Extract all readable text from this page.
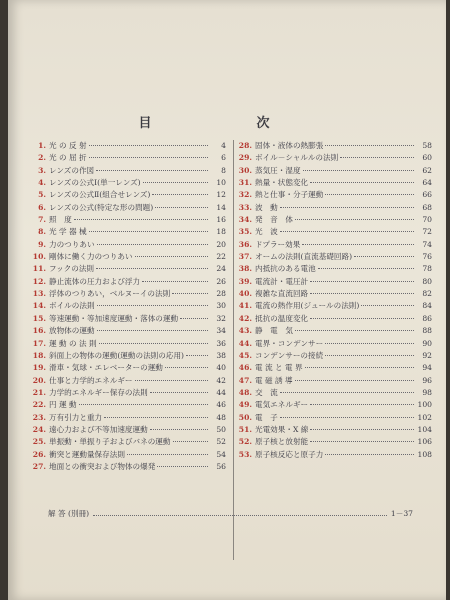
目　次
1. 光 の 反 射	4
2. 光 の 屈 折	6
3. レンズの作図	8
4. レンズの公式Ⅰ(単一レンズ)	10
5. レンズの公式Ⅱ(組合せレンズ)	12
6. レンズの公式(特定な形の問題)	14
7. 照　度	16
8. 光 学 器 械	18
9. 力のつりあい	20
10. 剛体に働く力のつりあい	22
11. フックの法則	24
12. 静止流体の圧力および浮力	26
13. 浮体のつりあい，ベルヌーイの法則	28
14. ボイルの法則	30
15. 等速運動・等加速度運動・落体の運動	32
16. 放物体の運動	34
17. 運 動 の 法 則	36
18. 斜面上の物体の運動(運動の法則の応用)	38
19. 滑車・気球・エレベーターの運動	40
20. 仕事と力学的エネルギー	42
21. 力学的エネルギー保存の法則	44
22. 円 運 動	46
23. 万有引力と重力	48
24. 遠心力および不等加速度運動	50
25. 単振動・単振り子およびバネの運動	52
26. 衝突と運動量保存法則	54
27. 地面との衝突および物体の爆発	56
28. 固体・液体の熱膨張	58
29. ボイル－シャルルの法則	60
30. 蒸気圧・湿度	62
31. 熱量・状態変化	64
32. 熱と仕事・分子運動	66
33. 波　動	68
34. 発　音　体	70
35. 光　波	72
36. ドプラー効果	74
37. オームの法則(直流基礎回路)	76
38. 内抵抗のある電池	78
39. 電流計・電圧計	80
40. 複雑な直流回路	82
41. 電流の熱作用(ジュールの法則)	84
42. 抵抗の温度変化	86
43. 静　電　気	88
44. 電界・コンデンサー	90
45. コンデンサーの接続	92
46. 電 流 と 電 界	94
47. 電 磁 誘 導	96
48. 交　流	98
49. 電気エネルギー	100
50. 電　子	102
51. 光電効果・X 線	104
52. 原子核と放射能	106
53. 原子核反応と原子力	108
解 答 (別冊)	1－37
